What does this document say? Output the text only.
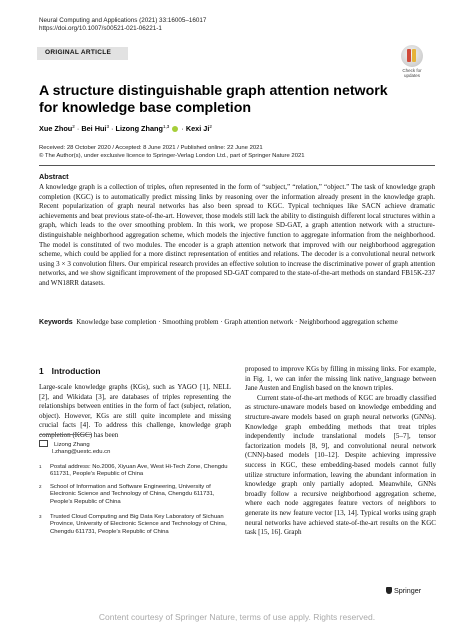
Neural Computing and Applications (2021) 33:16005–16017
https://doi.org/10.1007/s00521-021-06221-1
ORIGINAL ARTICLE
Check for
updates
A structure distinguishable graph attention network for knowledge base completion
Xue Zhou$^2$ · Bei Hui$^3$ · Lizong Zhang$^{1,3}$  · Kexi Ji$^2$
Received: 28 October 2020 / Accepted: 8 June 2021 / Published online: 22 June 2021
© The Author(s), under exclusive licence to Springer-Verlag London Ltd., part of Springer Nature 2021
Abstract
A knowledge graph is a collection of triples, often represented in the form of “subject,” “relation,” “object.” The task of knowledge graph completion (KGC) is to automatically predict missing links by reasoning over the information already present in the knowledge graph. Recent popularization of graph neural networks has also been spread to KGC. Typical techniques like SACN achieve dramatic achievements and beat previous state-of-the-art. However, those models still lack the ability to distinguish different local structures within a graph, which leads to the over smoothing problem. In this work, we propose SD-GAT, a graph attention network with a structure-distinguishable neighborhood aggregation scheme, which models the injective function to aggregate information from the neighborhood. The model is constituted of two modules. The encoder is a graph attention network that improved with our neighborhood aggregation scheme, which could be applied for a more distinct representation of entities and relations. The decoder is a convolutional neural network using 3 × 3 convolution filters. Our empirical research provides an effective solution to increase the discriminative power of graph attention networks, and we show significant improvement of the proposed SD-GAT compared to the state-of-the-art methods on standard FB15K-237 and WN18RR datasets.
Keywords Knowledge base completion · Smoothing problem · Graph attention network · Neighborhood aggregation scheme
1 Introduction
Large-scale knowledge graphs (KGs), such as YAGO [1], NELL [2], and Wikidata [3], are databases of triples representing the relationships between entities in the form of fact (subject, relation, object). However, KGs are still quite incomplete and missing crucial facts [4]. To address this challenge, knowledge graph completion (KGC) has been
proposed to improve KGs by filling in missing links. For example, in Fig. 1, we can infer the missing link native_language between Jane Austen and English based on the known triples.
Current state-of-the-art methods of KGC are broadly classified as structure-unaware models based on knowledge embedding and structure-aware models based on graph neural networks (GNNs). Knowledge graph embedding methods that treat triples independently include translational models [5–7], tensor factorization models [8, 9], and convolutional neural network (CNN)-based models [10–12]. Despite achieving impressive success in KGC, these embedding-based models cannot fully utilize structure information, leaving the abundant information in knowledge graph only partially adopted. Meanwhile, GNNs broadly follow a recursive neighborhood aggregation scheme, where each node aggregates feature vectors of neighbors to generate its new feature vector [13, 14]. Typical works using graph neural networks have achieved state-of-the-art results on the KGC task [15, 16]. Graph
Lizong Zhang
l.zhang@uestc.edu.cn
1 Postal address: No.2006, Xiyuan Ave, West Hi-Tech Zone, Chengdu 611731, People’s Republic of China
2 School of Information and Software Engineering, University of Electronic Science and Technology of China, Chengdu 611731, People’s Republic of China
3 Trusted Cloud Computing and Big Data Key Laboratory of Sichuan Province, University of Electronic Science and Technology of China, Chengdu 611731, People’s Republic of China
Springer
Content courtesy of Springer Nature, terms of use apply. Rights reserved.
